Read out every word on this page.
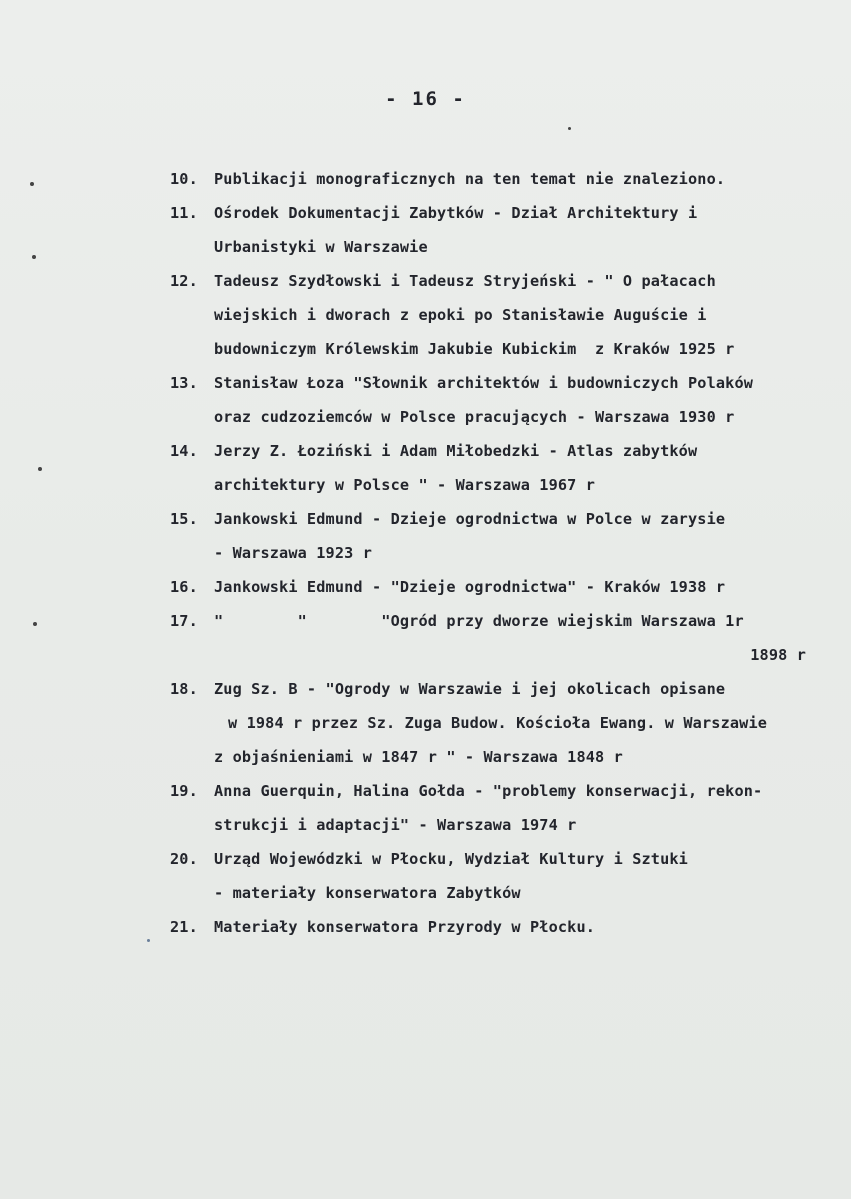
- 16 -
10.	Publikacji monograficznych na ten temat nie znaleziono.
11.	Ośrodek Dokumentacji Zabytków - Dział Architektury i
Urbanistyki w Warszawie
12.	Tadeusz Szydłowski i Tadeusz Stryjeński - " O pałacach
wiejskich i dworach z epoki po Stanisławie Auguście i
budowniczym Królewskim Jakubie Kubickim  z Kraków 1925 r
13.	Stanisław Łoza "Słownik architektów i budowniczych Polaków
oraz cudzoziemców w Polsce pracujących - Warszawa 1930 r
14.	Jerzy Z. Łoziński i Adam Miłobedzki - Atlas zabytków
architektury w Polsce " - Warszawa 1967 r
15.	Jankowski Edmund - Dzieje ogrodnictwa w Polce w zarysie
- Warszawa 1923 r
16.	Jankowski Edmund - "Dzieje ogrodnictwa" - Kraków 1938 r
17.	"        "        "Ogród przy dworze wiejskim Warszawa 1r
1898 r
18.	Zug Sz. B - "Ogrody w Warszawie i jej okolicach opisane
w 1984 r przez Sz. Zuga Budow. Kościoła Ewang. w Warszawie
z objaśnieniami w 1847 r " - Warszawa 1848 r
19.	Anna Guerquin, Halina Gołda - "problemy konserwacji, rekon-
strukcji i adaptacji" - Warszawa 1974 r
20.	Urząd Wojewódzki w Płocku, Wydział Kultury i Sztuki
- materiały konserwatora Zabytków
21.	Materiały konserwatora Przyrody w Płocku.
